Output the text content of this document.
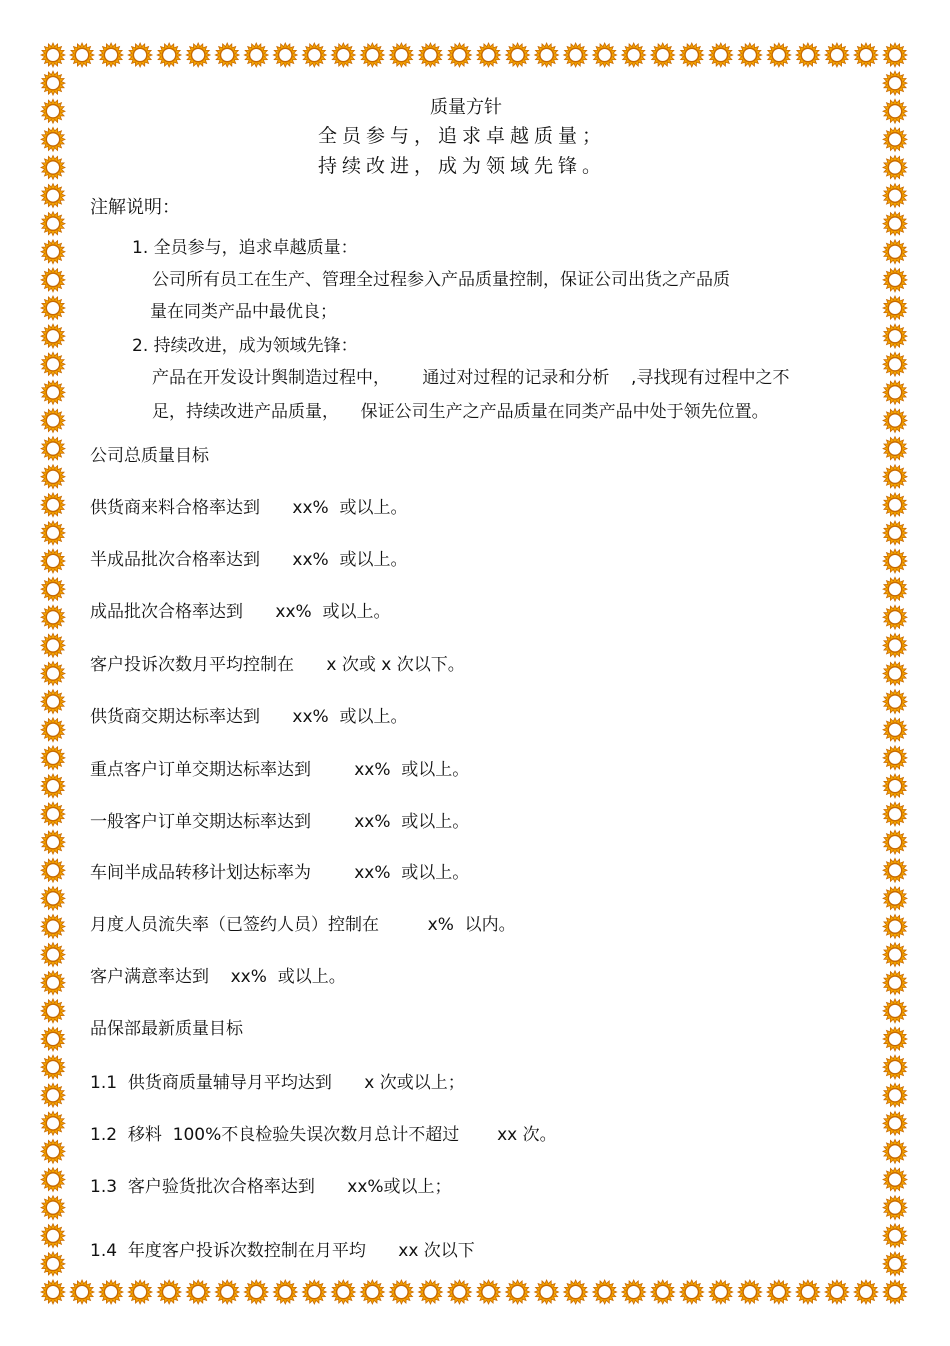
质量方针
全员参与，追求卓越质量；
持续改进，成为领域先锋。
注解说明：
1. 全员参与，追求卓越质量：
公司所有员工在生产、管理全过程参入产品质量控制，保证公司出货之产品质
量在同类产品中最优良；
2. 持续改进，成为领域先锋：
产品在开发设计舆制造过程中，      通过对过程的记录和分析    ,寻找现有过程中之不
足，持续改进产品质量，    保证公司生产之产品质量在同类产品中处于领先位置。
公司总质量目标
供货商来料合格率达到      xx%  或以上。
半成品批次合格率达到      xx%  或以上。
成品批次合格率达到      xx%  或以上。
客户投诉次数月平均控制在      x 次或 x 次以下。
供货商交期达标率达到      xx%  或以上。
重点客户订单交期达标率达到        xx%  或以上。
一般客户订单交期达标率达到        xx%  或以上。
车间半成品转移计划达标率为        xx%  或以上。
月度人员流失率（已签约人员）控制在         x%  以内。
客户满意率达到    xx%  或以上。
品保部最新质量目标
1.1  供货商质量辅导月平均达到      x 次或以上；
1.2  移料  100%不良检验失误次数月总计不超过       xx 次。
1.3  客户验货批次合格率达到      xx%或以上；
1.4  年度客户投诉次数控制在月平均      xx 次以下
